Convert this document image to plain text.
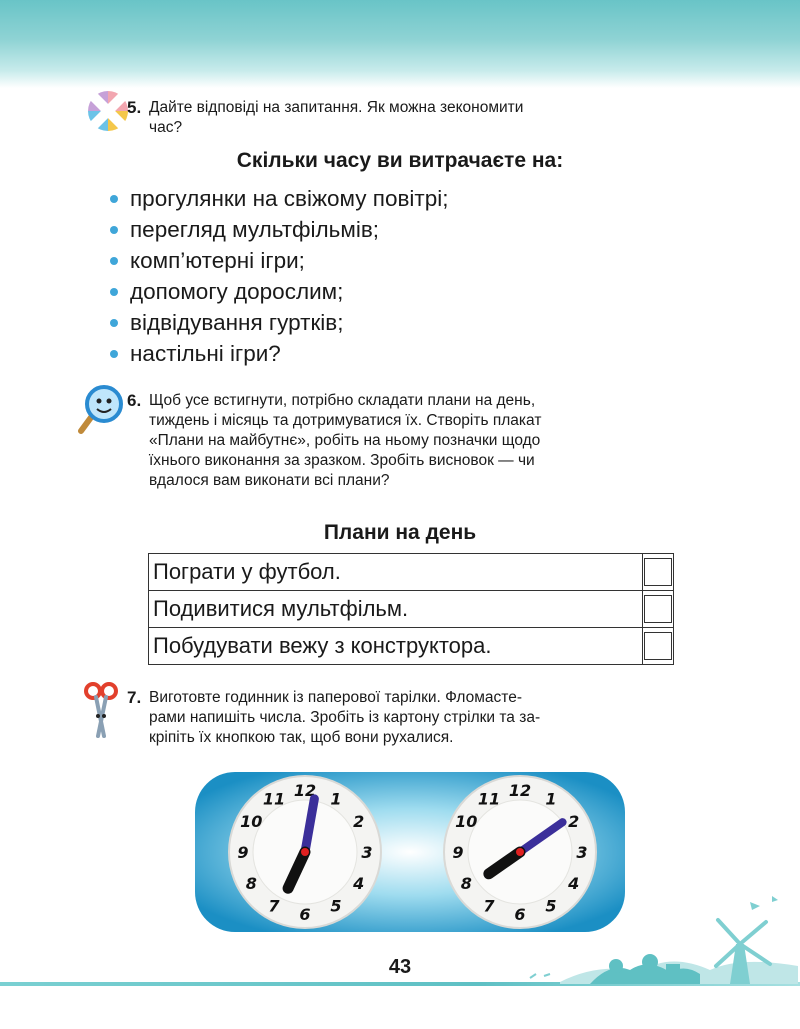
5. Дайте відповіді на запитання. Як можна зекономити
час?
Скільки часу ви витрачаєте на:
прогулянки на свіжому повітрі;
перегляд мультфільмів;
комп’ютерні ігри;
допомогу дорослим;
відвідування гуртків;
настільні ігри?
6. Щоб усе встигнути, потрібно складати плани на день,
тиждень і місяць та дотримуватися їх. Створіть плакат
«Плани на майбутнє», робіть на ньому позначки щодо
їхнього виконання за зразком. Зробіть висновок — чи
вдалося вам виконати всі плани?
Плани на день
Пограти у футбол.	

Подивитися мультфільм.	

Побудувати вежу з конструктора.	
7. Виготовте годинник із паперової тарілки. Фломасте-
рами напишіть числа. Зробіть із картону стрілки та за-
кріпіть їх кнопкою так, щоб вони рухалися.
12 1
2
3
4
5
6
7
8
9
10
11	12 1
2
3
4
5
6
7
8
9
10
11
43
